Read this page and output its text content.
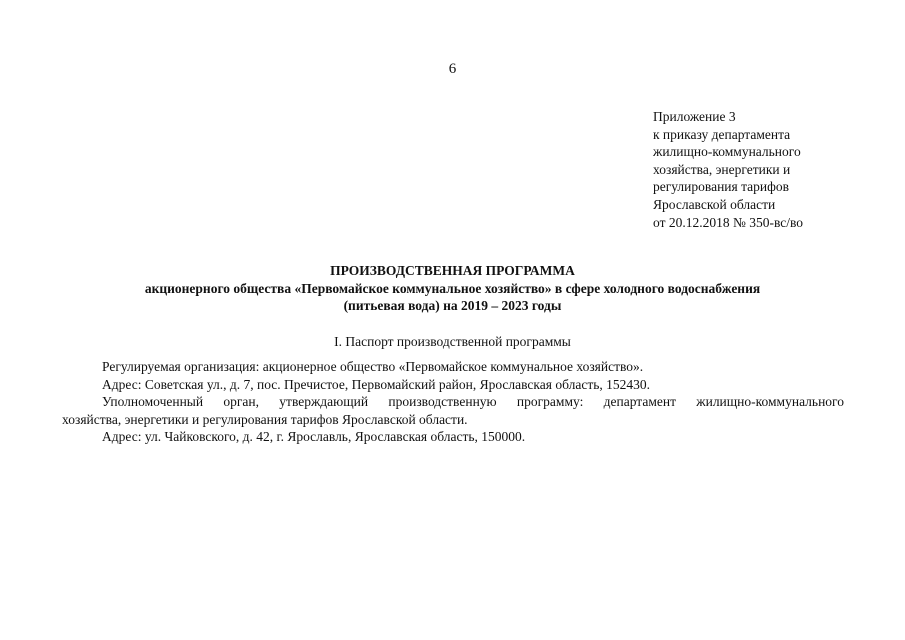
6
Приложение 3
к приказу департамента
жилищно-коммунального
хозяйства, энергетики и
регулирования тарифов
Ярославской области
от 20.12.2018 № 350-вс/во
ПРОИЗВОДСТВЕННАЯ ПРОГРАММА
акционерного общества «Первомайское коммунальное хозяйство» в сфере холодного водоснабжения
(питьевая вода) на 2019 – 2023 годы
I. Паспорт производственной программы
Регулируемая организация: акционерное общество «Первомайское коммунальное хозяйство».
Адрес: Советская ул., д. 7, пос. Пречистое, Первомайский район, Ярославская область, 152430.
Уполномоченный орган, утверждающий производственную программу: департамент жилищно-коммунального
хозяйства, энергетики и регулирования тарифов Ярославской области.
Адрес: ул. Чайковского, д. 42, г. Ярославль, Ярославская область, 150000.
